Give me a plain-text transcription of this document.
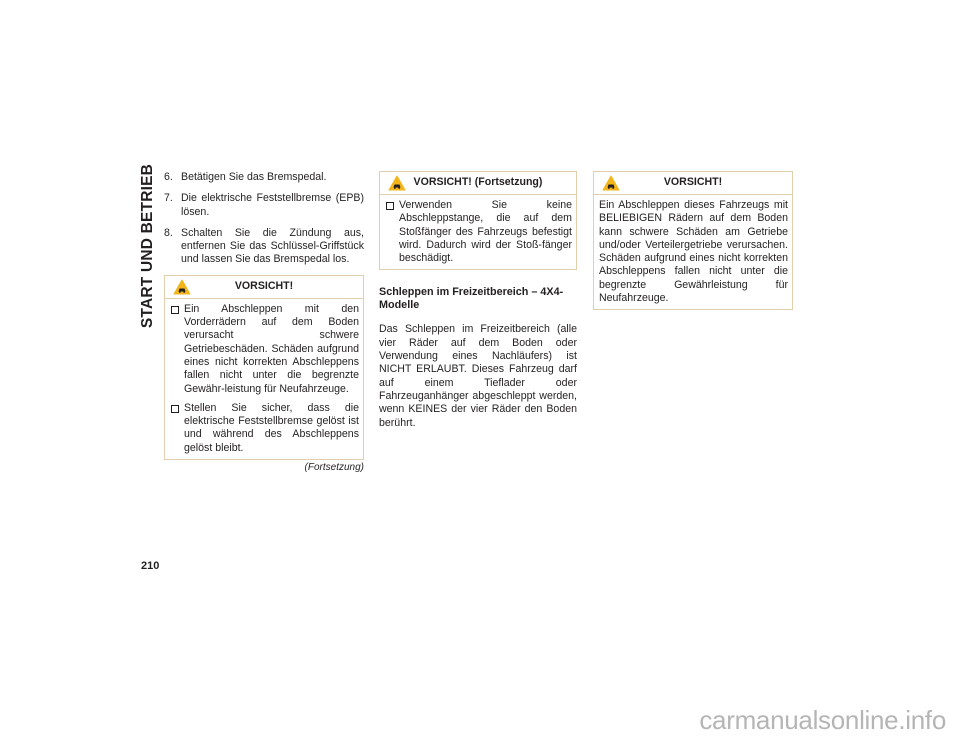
START UND BETRIEB 6. Betätigen Sie das Bremspedal.
7. Die elektrische Feststellbremse (EPB) lösen.
8. Schalten Sie die Zündung aus, entfernen Sie das Schlüssel-Griffstück und lassen Sie das Bremspedal los.
VORSICHT!
Ein Abschleppen mit den Vorderrädern auf dem Boden verursacht schwere Getriebeschäden. Schäden aufgrund eines nicht korrekten Abschleppens fallen nicht unter die begrenzte Gewähr-leistung für Neufahrzeuge.
Stellen Sie sicher, dass die elektrische Feststellbremse gelöst ist und während des Abschleppens gelöst bleibt.
(Fortsetzung)
VORSICHT! (Fortsetzung)
Verwenden Sie keine Abschleppstange, die auf dem Stoßfänger des Fahrzeugs befestigt wird. Dadurch wird der Stoß-fänger beschädigt.
Schleppen im Freizeitbereich – 4X4-Modelle
Das Schleppen im Freizeitbereich (alle vier Räder auf dem Boden oder Verwendung eines Nachläufers) ist NICHT ERLAUBT. Dieses Fahrzeug darf auf einem Tieflader oder Fahrzeuganhänger abgeschleppt werden, wenn KEINES der vier Räder den Boden berührt.
VORSICHT!
Ein Abschleppen dieses Fahrzeugs mit BELIEBIGEN Rädern auf dem Boden kann schwere Schäden am Getriebe und/oder Verteilergetriebe verursachen. Schäden aufgrund eines nicht korrekten Abschleppens fallen nicht unter die begrenzte Gewährleistung für Neufahrzeuge.
210
carmanualsonline.info
